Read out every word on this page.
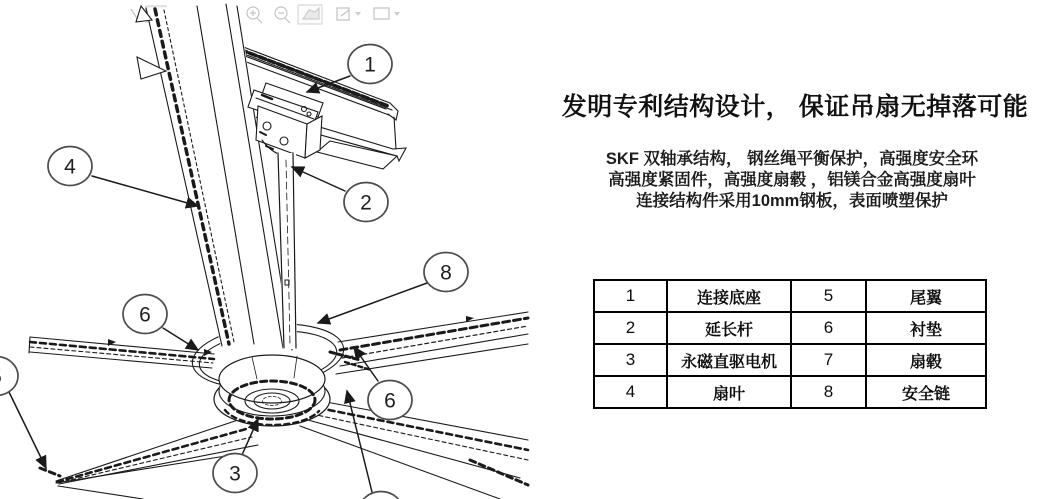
1
2
4
8
6
6
3
发明专利结构设计， 保证吊扇无掉落可能
SKF 双轴承结构， 钢丝绳平衡保护，高强度安全环
高强度紧固件，高强度扇毂 ，铝镁合金高强度扇叶
连接结构件采用10mm钢板，表面喷塑保护
1	连接底座	5	尾翼
2	延长杆	6	衬垫
3	永磁直驱电机	7	扇毂
4	扇叶	8	安全链
